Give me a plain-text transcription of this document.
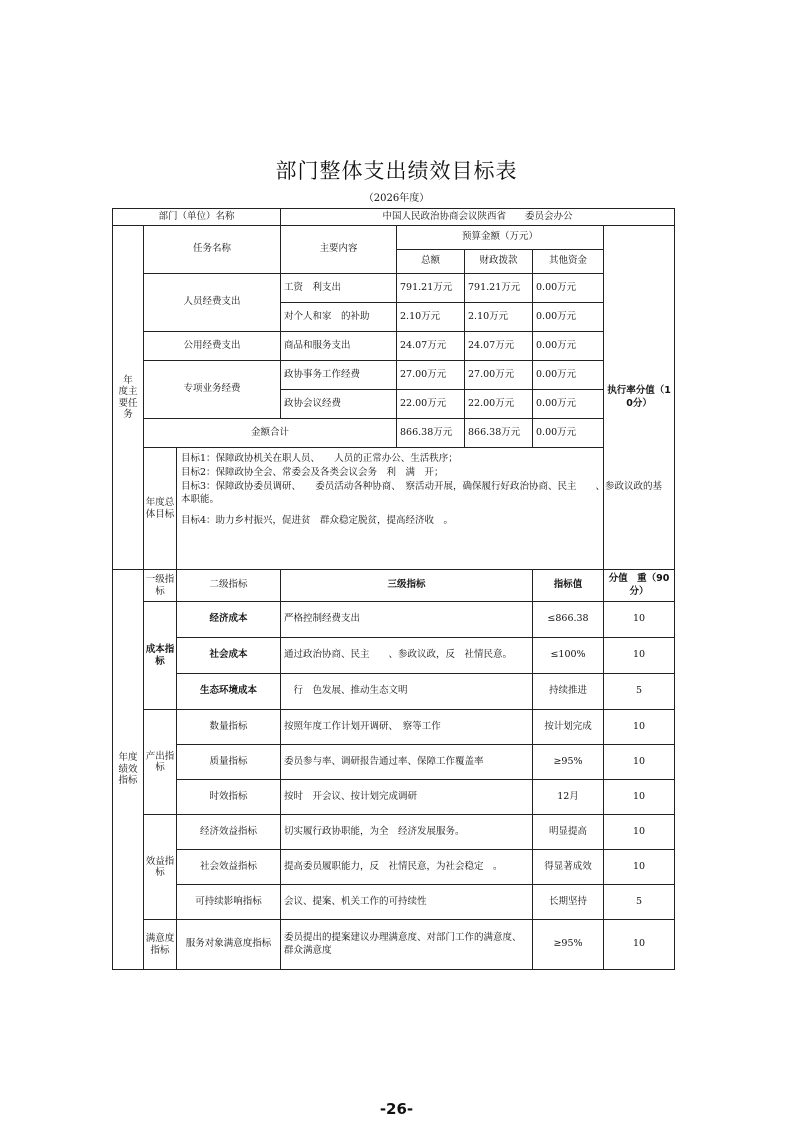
部门整体支出绩效目标表
（2026年度）
部门（单位）名称			中国人民政治协商会议陕西省　　委员会办公				
年　度主要任务	任务名称		主要内容	预算金额（万元）			执行率分值（10分）
				总额	财政拨款	其他资金	
	人员经费支出		工资　利支出	791.21万元	791.21万元	0.00万元	
			对个人和家　的补助	2.10万元	2.10万元	0.00万元	
	公用经费支出		商品和服务支出	24.07万元	24.07万元	0.00万元	
	专项业务经费		政协事务工作经费	27.00万元	27.00万元	0.00万元	
			政协会议经费	22.00万元	22.00万元	0.00万元	
	金额合计			866.38万元	866.38万元	0.00万元	
	年度总体目标	目标1：保障政协机关在职人员、　　人员的正常办公、生活秩序；

目标2：保障政协全会、常委会及各类会议会务　利　满　开；

目标3：保障政协委员调研、　　委员活动各种协商、　察活动开展，确保履行好政治协商、民主　　、参政议政的基本职能。

目标4：助力乡村振兴，促进贫　群众稳定脱贫，提高经济收　。					

年度绩效指标	一级指标	二级指标	三级指标			指标值	分值　重（90分）
	成本指标	经济成本	严格控制经费支出			≤866.38	10
		社会成本	通过政治协商、民主　　、参政议政，反　社情民意。			≤100%	10
		生态环境成本	　行　色发展、推动生态文明			持续推进	5
	产出指标	数量指标	按照年度工作计划开调研、　察等工作			按计划完成	10
		质量指标	委员参与率、调研报告通过率、保障工作覆盖率			≥95%	10
		时效指标	按时　开会议、按计划完成调研			12月	10
	效益指标	经济效益指标	切实履行政协职能，为全　经济发展服务。			明显提高	10
		社会效益指标	提高委员履职能力，反　社情民意，为社会稳定　。			得显著成效	10
		可持续影响指标	会议、提案、机关工作的可持续性			长期坚持	5
	满意度指标	服务对象满意度指标	委员提出的提案建议办理满意度、对部门工作的满意度、群众满意度			≥95%	10
-26-
